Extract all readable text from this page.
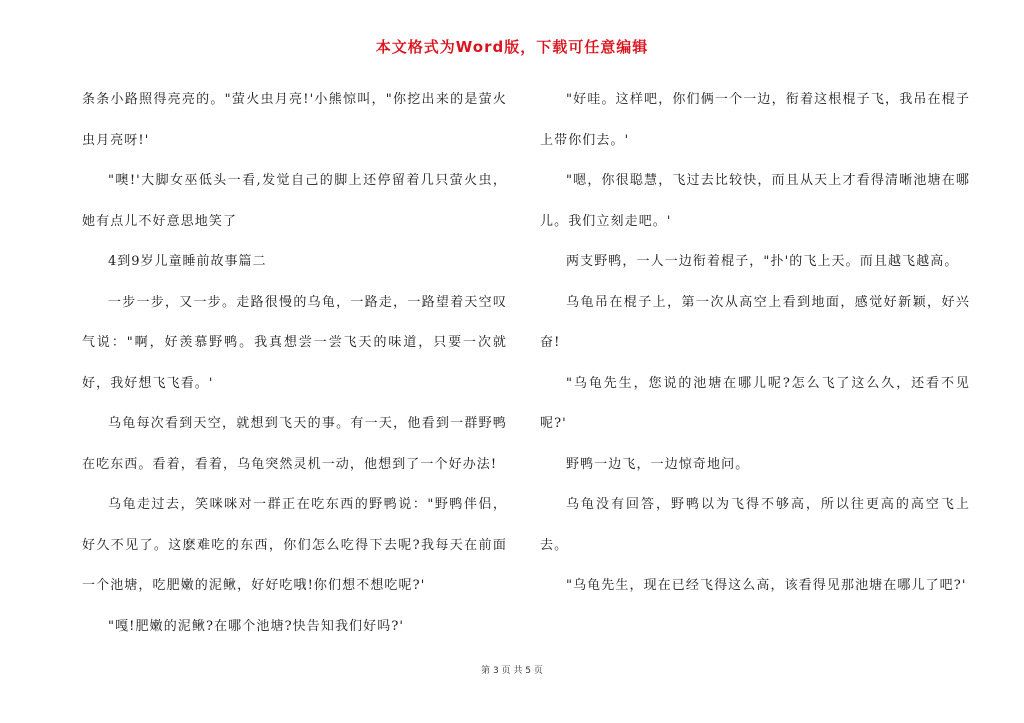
本文格式为Word版，下载可任意编辑

条条小路照得亮亮的。"萤火虫月亮!'小熊惊叫，"你挖出来的是萤火虫月亮呀!'

"噢!'大脚女巫低头一看,发觉自己的脚上还停留着几只萤火虫，她有点儿不好意思地笑了

4到9岁儿童睡前故事篇二

一步一步，又一步。走路很慢的乌龟，一路走，一路望着天空叹气说："啊，好羡慕野鸭。我真想尝一尝飞天的味道，只要一次就好，我好想飞飞看。'

乌龟每次看到天空，就想到飞天的事。有一天，他看到一群野鸭在吃东西。看着，看着，乌龟突然灵机一动，他想到了一个好办法!

乌龟走过去，笑咪咪对一群正在吃东西的野鸭说："野鸭伴侣，好久不见了。这麽难吃的东西，你们怎么吃得下去呢?我每天在前面一个池塘，吃肥嫩的泥鳅，好好吃哦!你们想不想吃呢?'

"嘎!肥嫩的泥鳅?在哪个池塘?快告知我们好吗?'

"好哇。这样吧，你们俩一个一边，衔着这根棍子飞，我吊在棍子上带你们去。'

"嗯，你很聪慧，飞过去比较快，而且从天上才看得清晰池塘在哪儿。我们立刻走吧。'

两支野鸭，一人一边衔着棍子，"扑'的飞上天。而且越飞越高。

乌龟吊在棍子上，第一次从高空上看到地面，感觉好新颖，好兴奋!

"乌龟先生，您说的池塘在哪儿呢?怎么飞了这么久，还看不见呢?'

野鸭一边飞，一边惊奇地问。

乌龟没有回答，野鸭以为飞得不够高，所以往更高的高空飞上去。

"乌龟先生，现在已经飞得这么高，该看得见那池塘在哪儿了吧?'

第 3 页 共 5 页
